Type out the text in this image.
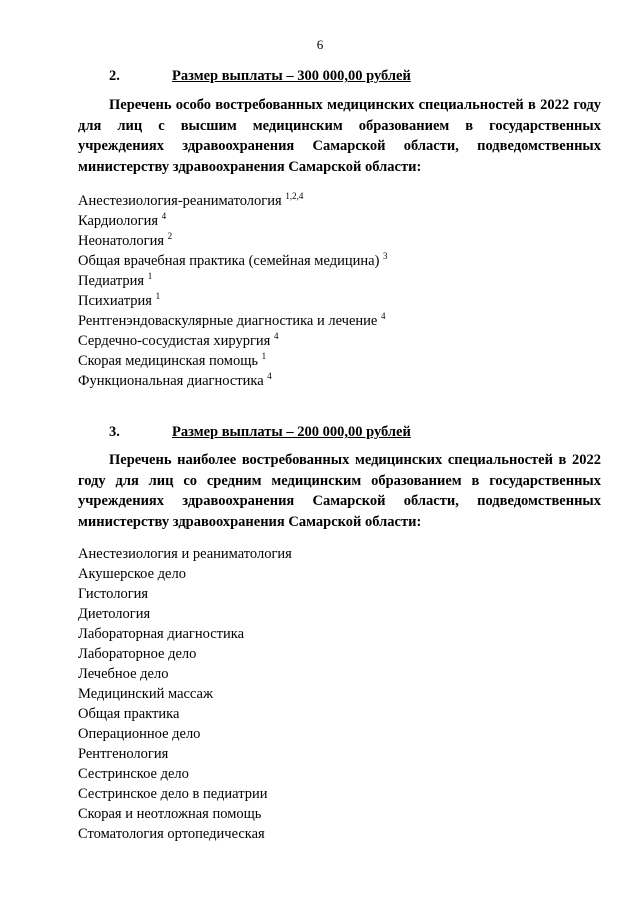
6
2.	Размер выплаты – 300 000,00 рублей

Перечень особо востребованных медицинских специальностей в 2022 году для лиц с высшим медицинским образованием в государственных учреждениях здравоохранения Самарской области, подведомственных министерству здравоохранения Самарской области:

Анестезиология-реаниматология $^{1,2,4}$
Кардиология $^4$
Неонатология $^2$
Общая врачебная практика (семейная медицина) $^3$
Педиатрия $^1$
Психиатрия $^1$
Рентгенэндоваскулярные диагностика и лечение $^4$
Сердечно-сосудистая хирургия $^4$
Скорая медицинская помощь $^1$
Функциональная диагностика $^4$
3.	Размер выплаты – 200 000,00 рублей

Перечень наиболее востребованных медицинских специальностей в 2022 году для лиц со средним медицинским образованием в государственных учреждениях здравоохранения Самарской области, подведомственных министерству здравоохранения Самарской области:

Анестезиология и реаниматология
Акушерское дело
Гистология
Диетология
Лабораторная диагностика
Лабораторное дело
Лечебное дело
Медицинский массаж
Общая практика
Операционное дело
Рентгенология
Сестринское дело
Сестринское дело в педиатрии
Скорая и неотложная помощь
Стоматология ортопедическая
